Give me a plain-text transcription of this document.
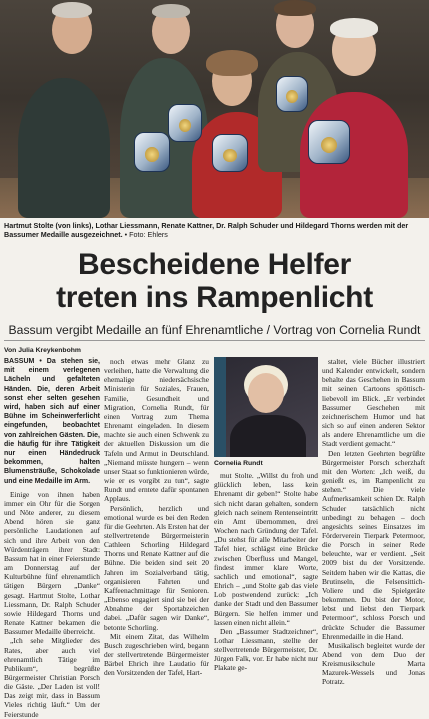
Hartmut Stolte (von links), Lothar Liessmann, Renate Kattner, Dr. Ralph Schuder und Hildegard Thorns werden mit der Bassumer Medaille ausgezeichnet. • Foto: Ehlers
Bescheidene Helfer
treten ins Rampenlicht
Bassum vergibt Medaille an fünf Ehrenamtliche / Vortrag von Cornelia Rundt
Von Julia Kreykenbohm

BASSUM • Da stehen sie, mit einem verlegenen Lächeln und gefalteten Händen. Die, deren Arbeit sonst eher selten gesehen wird, haben sich auf einer Bühne im Scheinwerferlicht eingefunden, beobachtet von zahlreichen Gästen. Die, die häufig für ihre Tätigkeit nur einen Händedruck bekommen, halten Blumensträuße, Schokolade und eine Medaille im Arm.

Einige von ihnen haben immer ein Ohr für die Sorgen und Nöte anderer, zu diesem Abend hören sie ganz persönliche Laudationen auf sich und ihre Arbeit von den Würdenträgern ihrer Stadt: Bassum hat in einer Feierstunde am Donnerstag auf der Kulturbühne fünf ehrenamtlich tätigen Bürgern „Danke“ gesagt. Hartmut Stolte, Lothar Liessmann, Dr. Ralph Schuder sowie Hildegard Thorns und Renate Kattner bekamen die Bassumer Medaille überreicht.

„Ich sehe Mitglieder des Rates, aber auch viel ehrenamtlich Tätige im Publikum“, begrüßte Bürgermeister Christian Porsch die Gäste. „Der Laden ist voll! Das zeigt mir, dass in Bassum Vieles richtig läuft.“ Um der Feierstunde

noch etwas mehr Glanz zu verleihen, hatte die Verwaltung die ehemalige niedersächsische Ministerin für Soziales, Frauen, Familie, Gesundheit und Migration, Cornelia Rundt, für einen Vortrag zum Thema Ehrenamt eingeladen. In diesem machte sie auch einen Schwenk zu der aktuellen Diskussion um die Tafeln und Armut in Deutschland. „Niemand müsste hungern – wenn unser Staat so funktionieren würde, wie er es vorgibt zu tun“, sagte Rundt und erntete dafür spontanen Applaus.

Persönlich, herzlich und emotional wurde es bei den Reden für die Geehrten. Als Ersten hat der stellvertretende Bürgermeisterin Cathleen Schorling Hildegard Thorns und Renate Kattner auf die Bühne. Die beiden sind seit 20 Jahren im Sozialverband tätig, organisieren Fahrten und Kaffeenachmittage für Senioren. „Ebenso engagiert sind sie bei der Abnahme der Sportabzeichen dabei. „Dafür sagen wir Danke“, betonte Schorling.

Mit einem Zitat, das Wilhelm Busch zugeschrieben wird, begann der stellvertretende Bürgermeister Bärbel Ehrich ihre Laudatio für den Vorsitzenden der Tafel, Hart-

Cornelia Rundt

mut Stolte. „Willst du froh und glücklich leben, lass kein Ehrenamt dir geben!“ Stolte habe sich nicht daran gehalten, sondern gleich nach seinem Rentenseintritt ein Amt übernommen, drei Wochen nach Gründung der Tafel. „Du stehst für alle Mitarbeiter der Tafel hier, schlägst eine Brücke zwischen Überfluss und Mangel, findest immer klare Worte, sachlich und emotional“, sagte Ehrich – „und Stolte gab das viele Lob postwendend zurück: „Ich danke der Stadt und den Bassumer Bürgern. Sie helfen immer und lassen einen nicht allein.“

Den „Bassumer Stadtzeichner“, Lothar Liessmann, stellte der stellvertretende Bürgermeister, Dr. Jürgen Falk, vor. Er habe nicht nur Plakate ge-

staltet, viele Bücher illustriert und Kalender entwickelt, sondern behalte das Geschehen in Bassum mit seinen Cartoons spöttisch-liebevoll im Blick. „Er verbindet Bassumer Geschehen mit zeichnerischem Humor und hat sich so auf einen anderen Sektor als andere Ehrenamtliche um die Stadt verdient gemacht.“

Den letzten Geehrten begrüßte Bürgermeister Porsch scherzhaft mit den Worten: „Ich weiß, du genießt es, im Rampenlicht zu stehen.“ Die viele Aufmerksamkeit schien Dr. Ralph Schuder tatsächlich nicht unbedingt zu behagen – doch angesichts seines Einsatzes im Förderverein Tierpark Petermoor, die Porsch in seiner Rede beleuchte, war er verdient. „Seit 2009 bist du der Vorsitzende. Seitdem haben wir die Kattas, die Brutinseln, die Felsensittich-Voliere und die Spielgeräte bekommen. Du bist der Motor, lebst und liebst den Tierpark Petermoor“, schloss Porsch und drückte Schuder die Bassumer Ehrenmedaille in die Hand.

Musikalisch begleitet wurde der Abend von dem Duo der Kreismusikschule Marta Mazurek-Wessels und Jonas Potratz.
